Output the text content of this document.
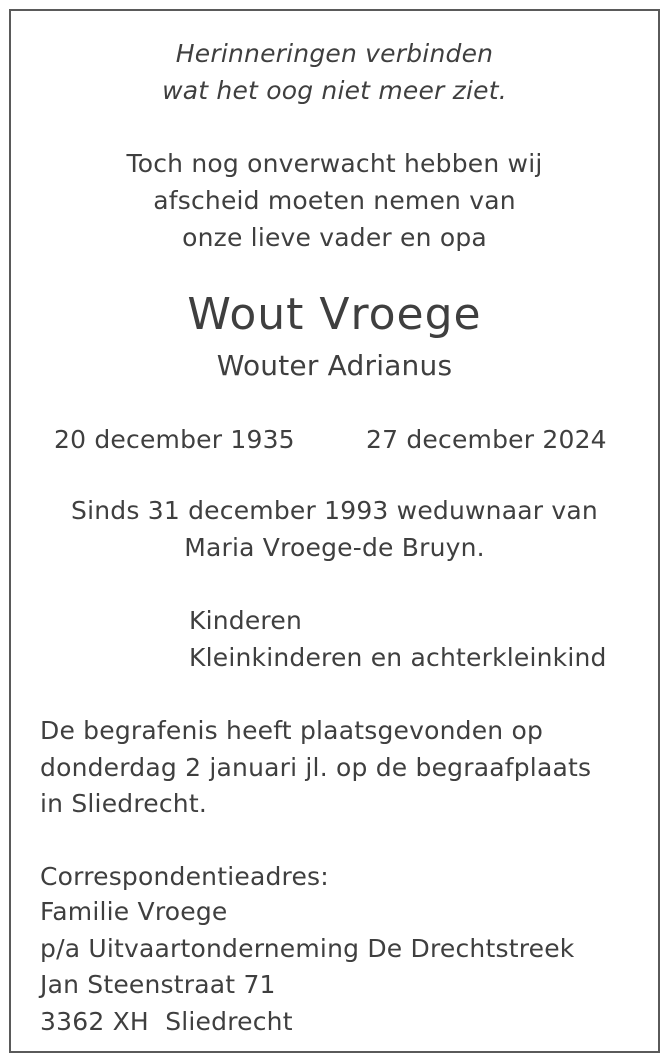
Herinneringen verbinden
wat het oog niet meer ziet.
Toch nog onverwacht hebben wij
afscheid moeten nemen van
onze lieve vader en opa
Wout Vroege
Wouter Adrianus
20 december 1935	27 december 2024
Sinds 31 december 1993 weduwnaar van
Maria Vroege-de Bruyn.
Kinderen
Kleinkinderen en achterkleinkind
De begrafenis heeft plaatsgevonden op
donderdag 2 januari jl. op de begraafplaats
in Sliedrecht.
Correspondentieadres:
Familie Vroege
p/a Uitvaartonderneming De Drechtstreek
Jan Steenstraat 71
3362 XH  Sliedrecht
